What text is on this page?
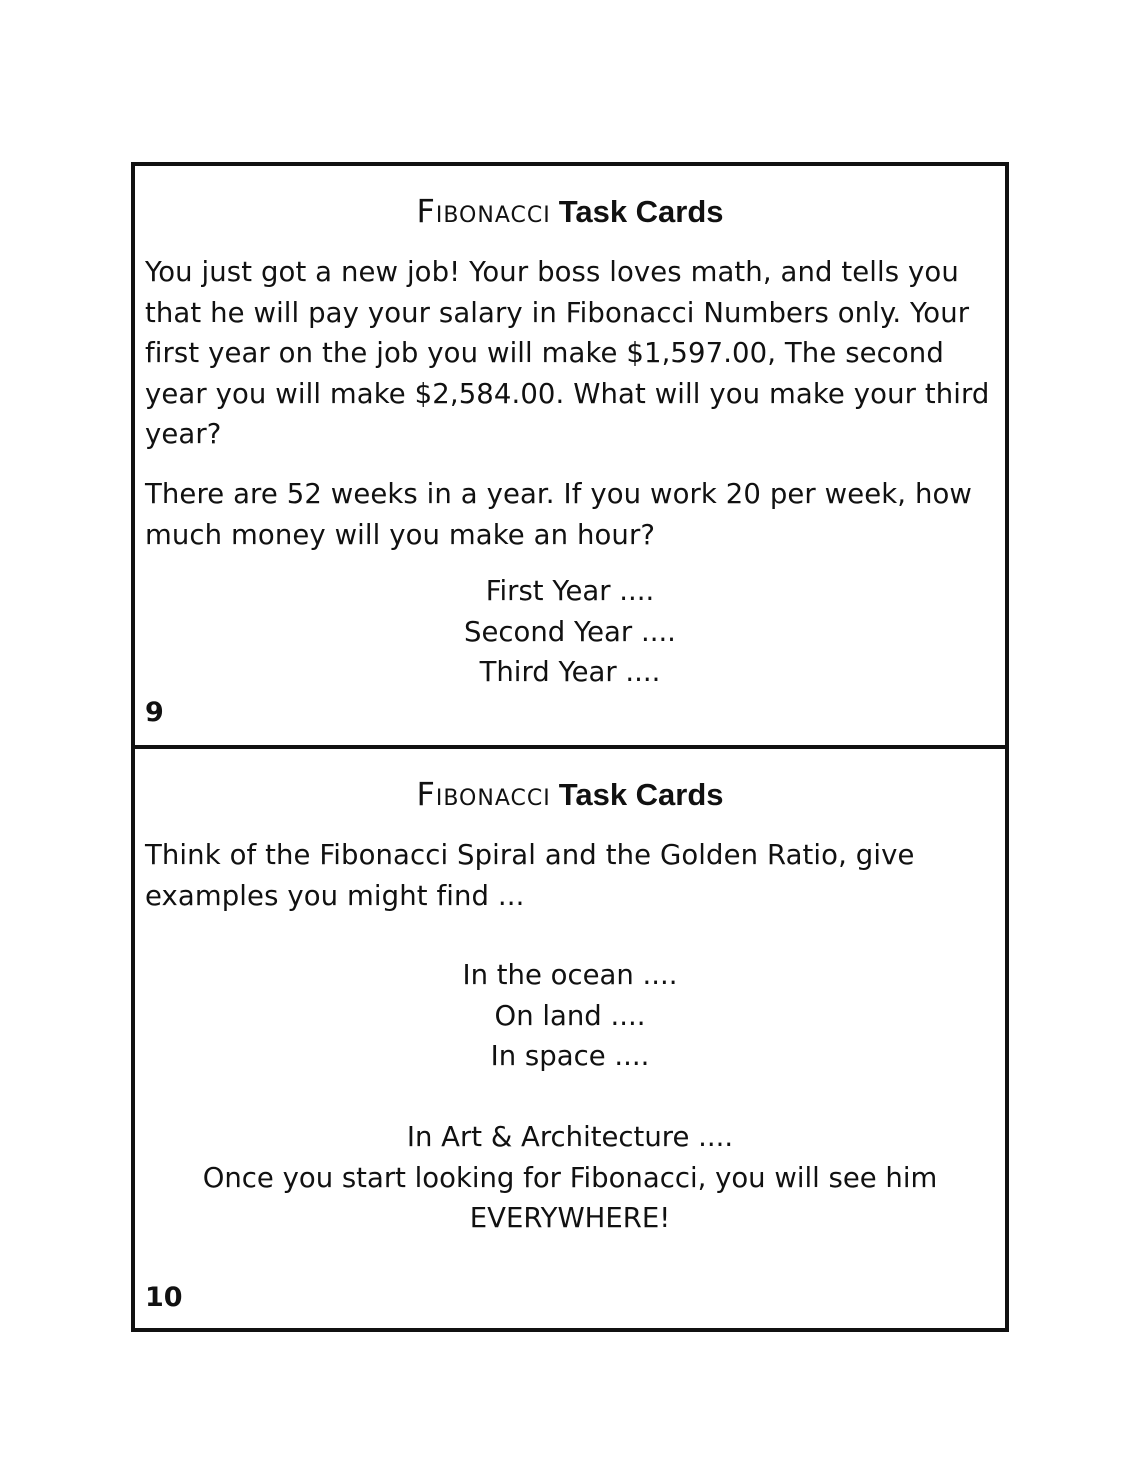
Fibonacci Task Cards

You just got a new job! Your boss loves math, and tells you that he will pay your salary in Fibonacci Numbers only. Your first year on the job you will make $1,597.00, The second year you will make $2,584.00. What will you make your third year?

There are 52 weeks in a year. If you work 20 per week, how much money will you make an hour?

First Year ....
Second Year ....
Third Year ....
9
Fibonacci Task Cards

Think of the Fibonacci Spiral and the Golden Ratio, give examples you might find ...

In the ocean ....
On land ....
In space ....
In Art & Architecture ....
Once you start looking for Fibonacci, you will see him
EVERYWHERE!
10
